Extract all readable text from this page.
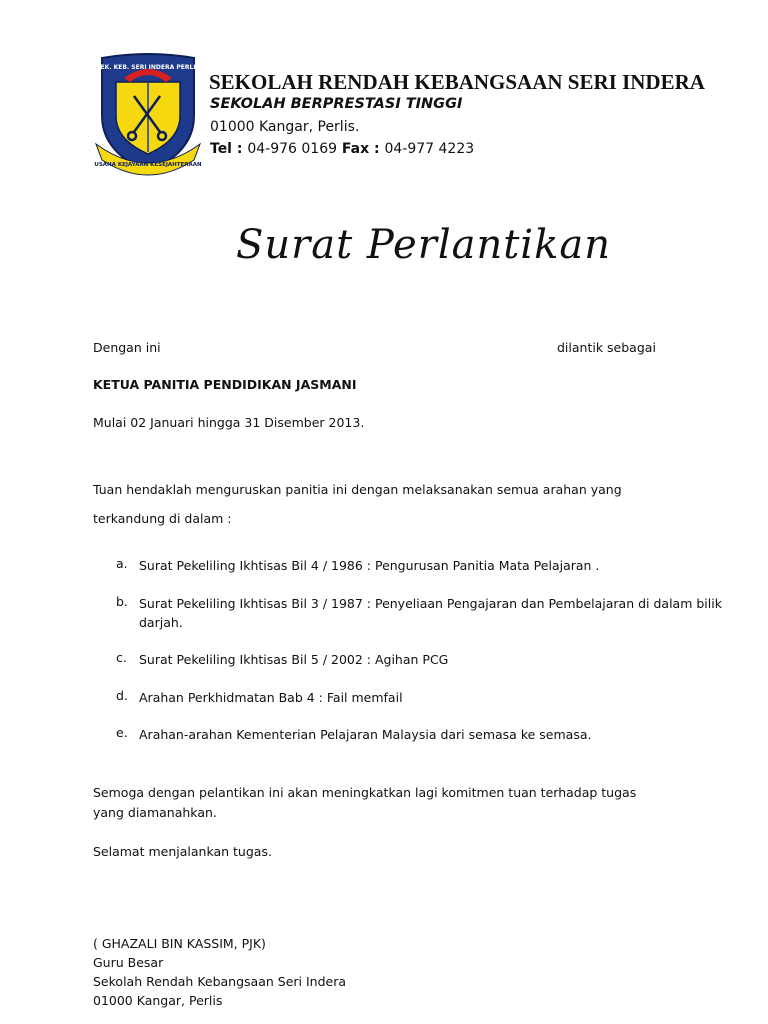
SEK. KEB. SERI INDERA PERLIS
USAHA KEJAYAAN KESEJAHTERAAN
SEKOLAH RENDAH KEBANGSAAN SERI INDERA
SEKOLAH BERPRESTASI TINGGI
01000 Kangar, Perlis.
Tel : 04-976 0169 Fax : 04-977 4223
Surat Perlantikan
Dengan ini	dilantik sebagai
KETUA PANITIA PENDIDIKAN JASMANI
Mulai 02 Januari hingga 31 Disember 2013.
Tuan hendaklah menguruskan panitia ini dengan melaksanakan semua arahan yang
terkandung di dalam :
a. Surat Pekeliling Ikhtisas Bil 4 / 1986 : Pengurusan Panitia Mata Pelajaran .
b. Surat Pekeliling Ikhtisas Bil 3 / 1987 : Penyeliaan Pengajaran dan Pembelajaran di dalam bilik darjah.
c. Surat Pekeliling Ikhtisas Bil 5 / 2002 : Agihan PCG
d. Arahan Perkhidmatan Bab 4 : Fail memfail
e. Arahan-arahan Kementerian Pelajaran Malaysia dari semasa ke semasa.
Semoga dengan pelantikan ini akan meningkatkan lagi komitmen tuan terhadap tugas
yang diamanahkan.
Selamat menjalankan tugas.
( GHAZALI BIN KASSIM, PJK)
Guru Besar
Sekolah Rendah Kebangsaan Seri Indera
01000 Kangar, Perlis
